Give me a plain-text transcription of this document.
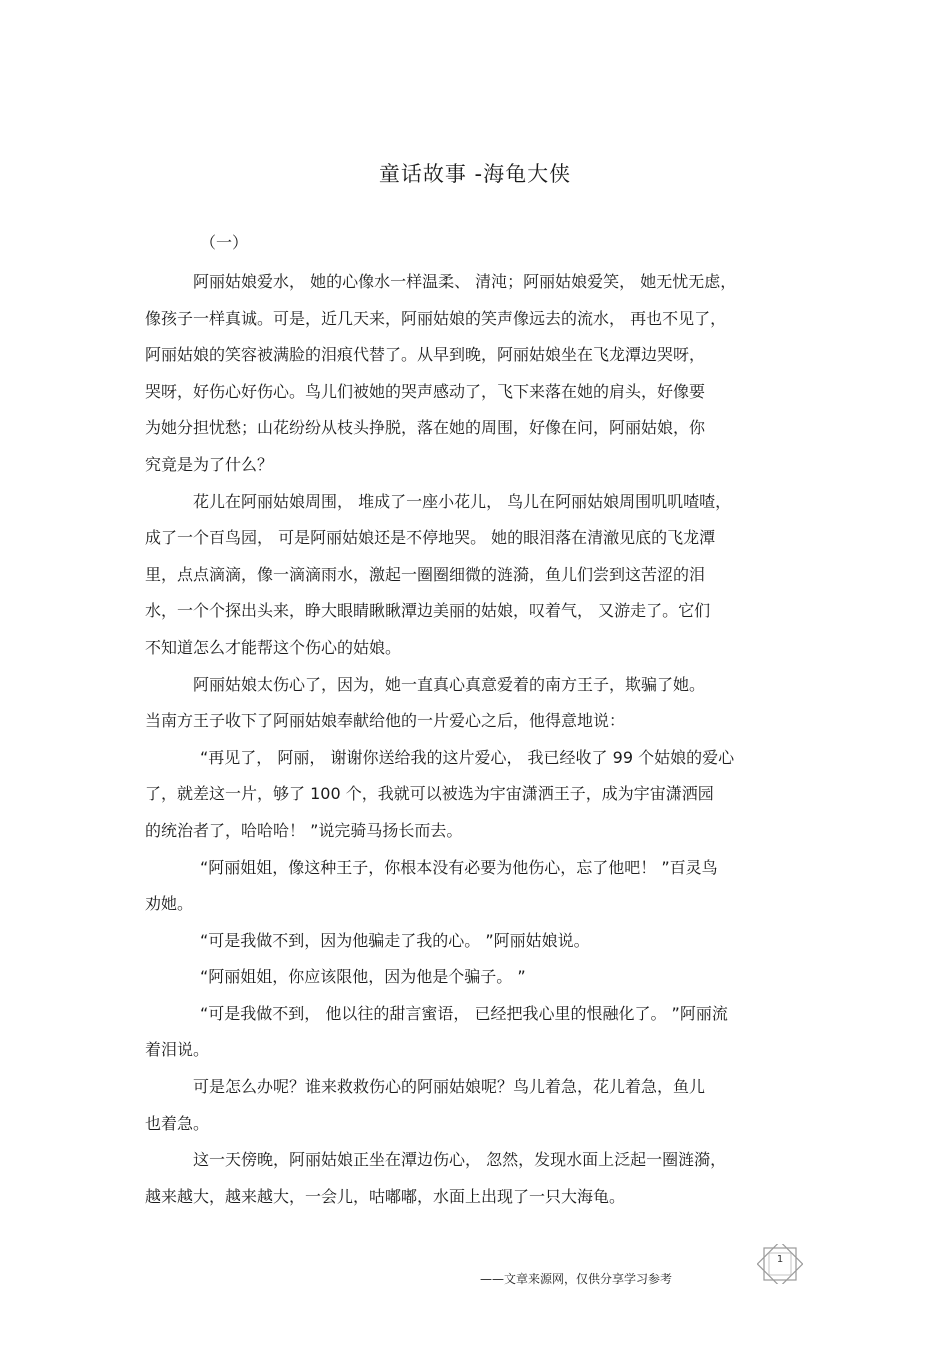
童话故事 -海龟大侠
（一）
阿丽姑娘爱水， 她的心像水一样温柔、 清沌；阿丽姑娘爱笑， 她无忧无虑，
像孩子一样真诚。可是，近几天来，阿丽姑娘的笑声像远去的流水， 再也不见了，
阿丽姑娘的笑容被满脸的泪痕代替了。从早到晚，阿丽姑娘坐在飞龙潭边哭呀，
哭呀，好伤心好伤心。鸟儿们被她的哭声感动了，飞下来落在她的肩头，好像要
为她分担忧愁；山花纷纷从枝头挣脱，落在她的周围，好像在问，阿丽姑娘，你
究竟是为了什么？
花儿在阿丽姑娘周围， 堆成了一座小花儿， 鸟儿在阿丽姑娘周围叽叽喳喳，
成了一个百鸟园， 可是阿丽姑娘还是不停地哭。 她的眼泪落在清澈见底的飞龙潭
里，点点滴滴，像一滴滴雨水，激起一圈圈细微的涟漪，鱼儿们尝到这苦涩的泪
水，一个个探出头来，睁大眼睛瞅瞅潭边美丽的姑娘，叹着气， 又游走了。它们
不知道怎么才能帮这个伤心的姑娘。
阿丽姑娘太伤心了，因为，她一直真心真意爱着的南方王子，欺骗了她。
当南方王子收下了阿丽姑娘奉献给他的一片爱心之后，他得意地说：
“再见了， 阿丽， 谢谢你送给我的这片爱心， 我已经收了 99 个姑娘的爱心
了，就差这一片，够了 100 个，我就可以被选为宇宙潇洒王子，成为宇宙潇洒园
的统治者了，哈哈哈！ ”说完骑马扬长而去。
“阿丽姐姐，像这种王子，你根本没有必要为他伤心，忘了他吧！ ”百灵鸟
劝她。
“可是我做不到，因为他骗走了我的心。 ”阿丽姑娘说。
“阿丽姐姐，你应该限他，因为他是个骗子。 ”
“可是我做不到， 他以往的甜言蜜语， 已经把我心里的恨融化了。 ”阿丽流
着泪说。
可是怎么办呢？谁来救救伤心的阿丽姑娘呢？鸟儿着急，花儿着急，鱼儿
也着急。
这一天傍晚，阿丽姑娘正坐在潭边伤心， 忽然，发现水面上泛起一圈涟漪，
越来越大，越来越大，一会儿，咕嘟嘟，水面上出现了一只大海龟。
1
——文章来源网，仅供分享学习参考
